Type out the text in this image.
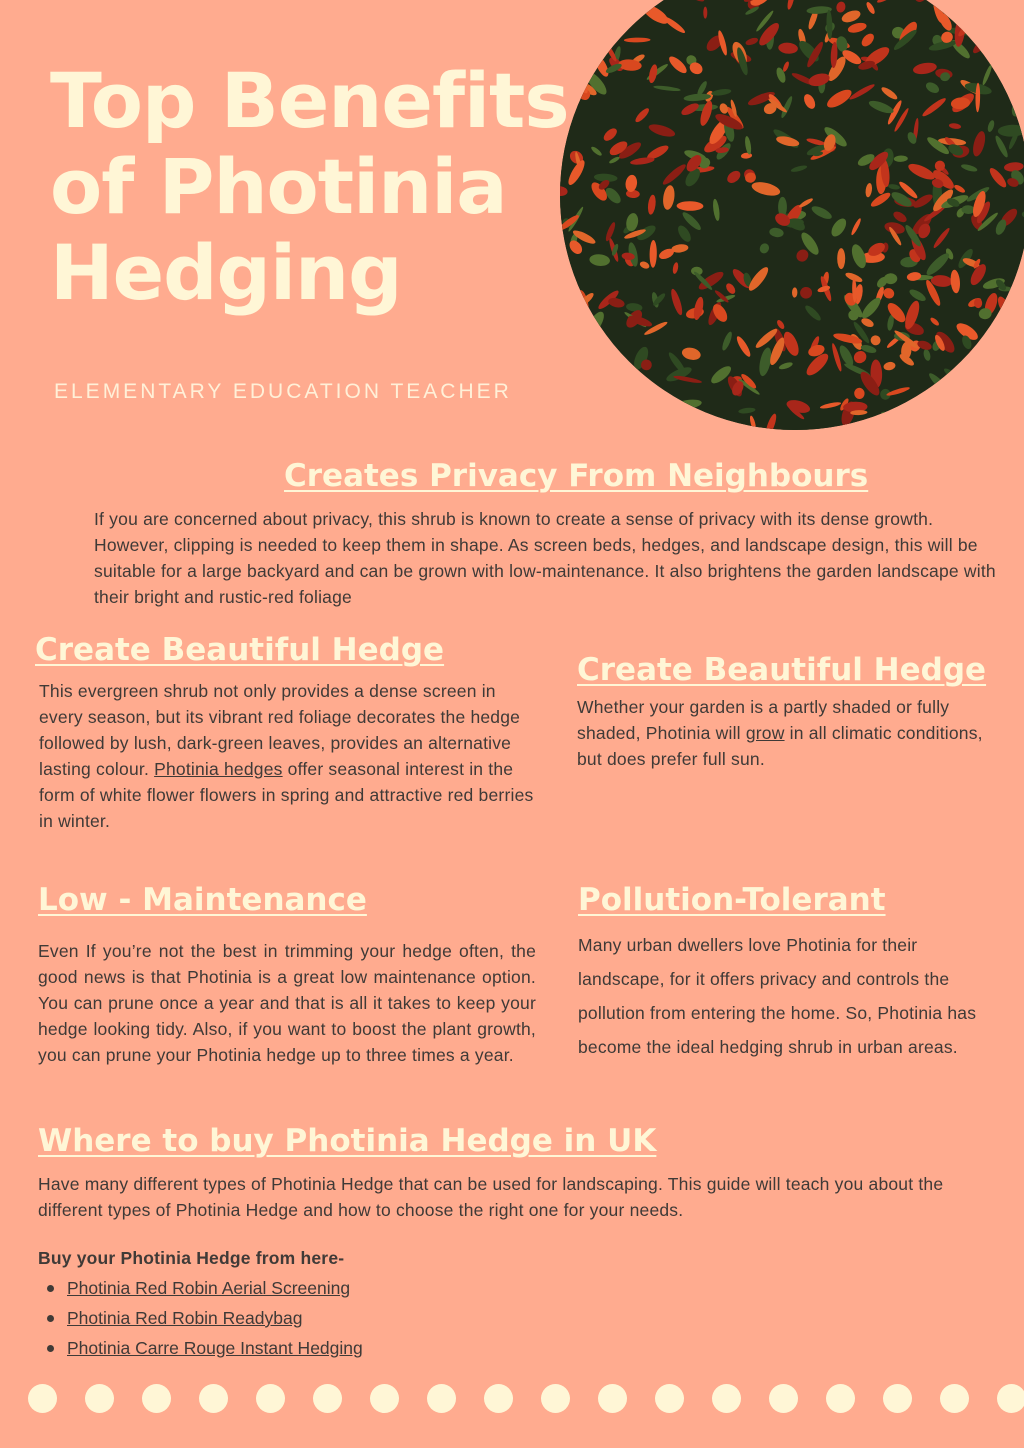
Top Benefits of Photinia Hedging

ELEMENTARY EDUCATION TEACHER

Creates Privacy From Neighbours

If you are concerned about privacy, this shrub is known to create a sense of privacy with its dense growth. However, clipping is needed to keep them in shape. As screen beds, hedges, and landscape design, this will be suitable for a large backyard and can be grown with low-maintenance. It also brightens the garden landscape with their bright and rustic-red foliage

Create Beautiful Hedge

This evergreen shrub not only provides a dense screen in every season, but its vibrant red foliage decorates the hedge followed by lush, dark-green leaves, provides an alternative lasting colour. Photinia hedges offer seasonal interest in the form of white flower flowers in spring and attractive red berries in winter.

Create Beautiful Hedge

Whether your garden is a partly shaded or fully shaded, Photinia will grow in all climatic conditions, but does prefer full sun.

Low - Maintenance

Even If you’re not the best in trimming your hedge often, the good news is that Photinia is a great low maintenance option. You can prune once a year and that is all it takes to keep your hedge looking tidy. Also, if you want to boost the plant growth, you can prune your Photinia hedge up to three times a year.

Pollution-Tolerant

Many urban dwellers love Photinia for their landscape, for it offers privacy and controls the pollution from entering the home. So, Photinia has become the ideal hedging shrub in urban areas.

Where to buy Photinia Hedge in UK

Have many different types of Photinia Hedge that can be used for landscaping. This guide will teach you about the different types of Photinia Hedge and how to choose the right one for your needs.

Buy your Photinia Hedge from here-

Photinia Red Robin Aerial Screening
Photinia Red Robin Readybag
Photinia Carre Rouge Instant Hedging
